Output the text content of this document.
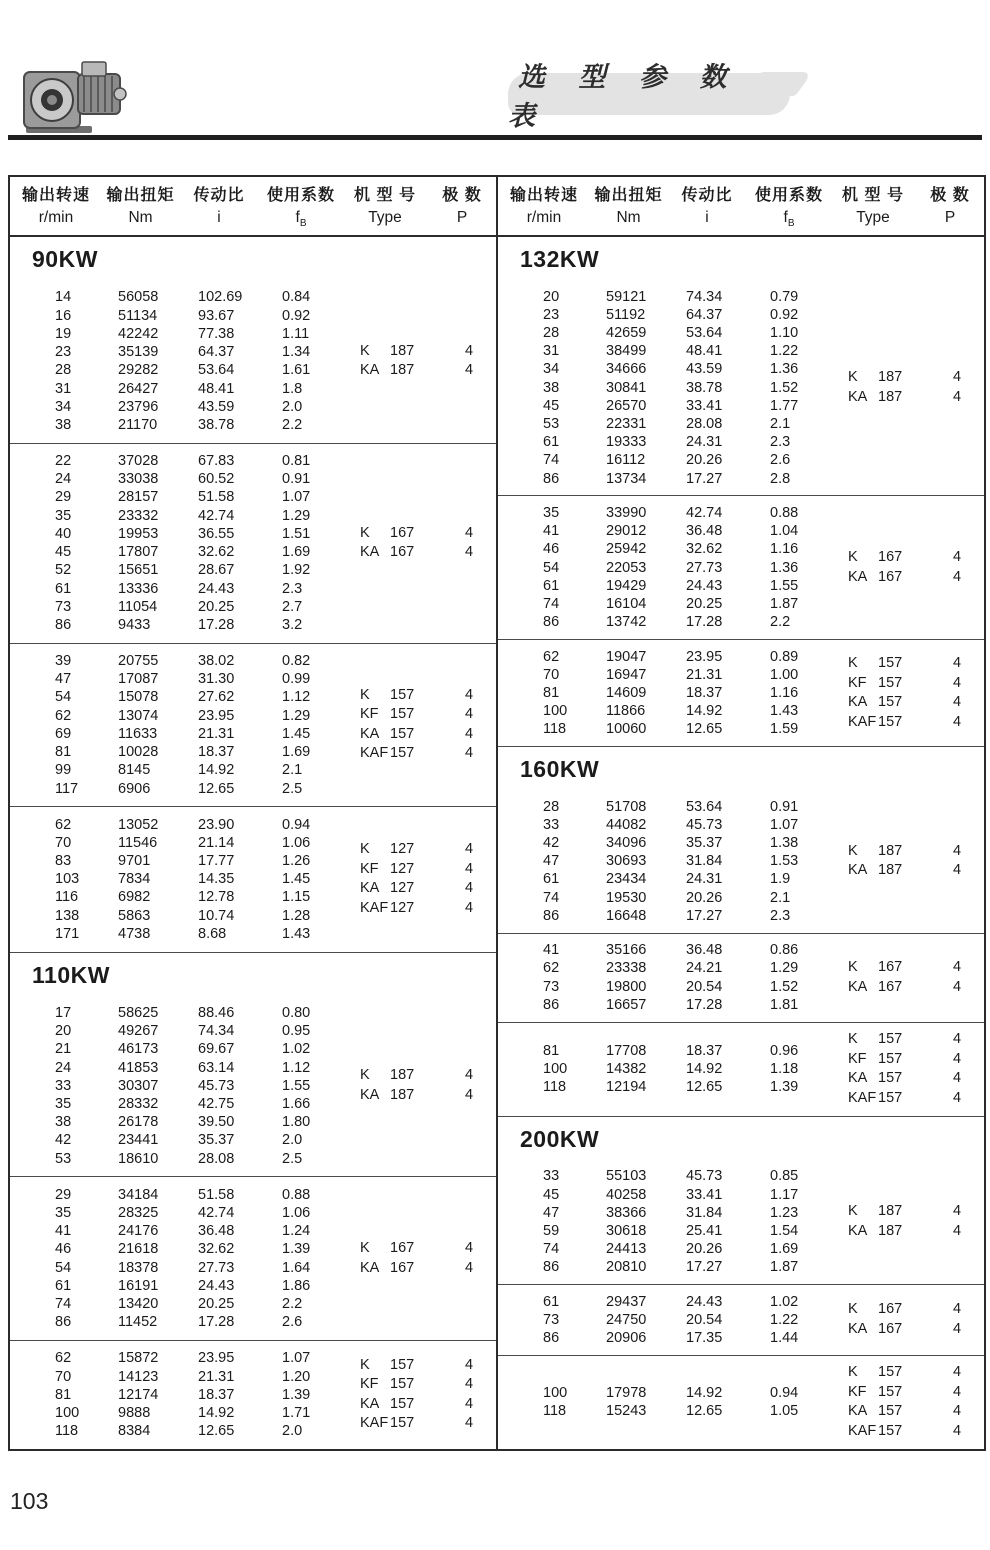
选 型 参 数 表
输出转速	输出扭矩	传动比	使用系数	机 型 号	极 数
r/min	Nm	i	$f_B$	Type	P
90KW
14	56058	102.69	0.84
16	51134	93.67	0.92
19	42242	77.38	1.11
23	35139	64.37	1.34
28	29282	53.64	1.61
31	26427	48.41	1.8
34	23796	43.59	2.0
38	21170	38.78	2.2
K	187	4
KA 187	4
22	37028	67.83	0.81
24	33038	60.52	0.91
29	28157	51.58	1.07
35	23332	42.74	1.29
40	19953	36.55	1.51
45	17807	32.62	1.69
52	15651	28.67	1.92
61	13336	24.43	2.3
73	11054	20.25	2.7
86	9433	17.28	3.2
K	167	4
KA 167	4
39	20755	38.02	0.82
47	17087	31.30	0.99
54	15078	27.62	1.12
62	13074	23.95	1.29
69	11633	21.31	1.45
81	10028	18.37	1.69
99	8145	14.92	2.1
117	6906	12.65	2.5
K	157	4
KF 157	4
KA 157	4
KAF 157	4
62	13052	23.90	0.94
70	11546	21.14	1.06
83	9701	17.77	1.26
103	7834	14.35	1.45
116	6982	12.78	1.15
138	5863	10.74	1.28
171	4738	8.68	1.43
K	127	4
KF 127	4
KA 127	4
KAF 127	4
110KW
17	58625	88.46	0.80
20	49267	74.34	0.95
21	46173	69.67	1.02
24	41853	63.14	1.12
33	30307	45.73	1.55
35	28332	42.75	1.66
38	26178	39.50	1.80
42	23441	35.37	2.0
53	18610	28.08	2.5
K	187	4
KA 187	4
29	34184	51.58	0.88
35	28325	42.74	1.06
41	24176	36.48	1.24
46	21618	32.62	1.39
54	18378	27.73	1.64
61	16191	24.43	1.86
74	13420	20.25	2.2
86	11452	17.28	2.6
K	167	4
KA 167	4
62	15872	23.95	1.07
70	14123	21.31	1.20
81	12174	18.37	1.39
100	9888	14.92	1.71
118	8384	12.65	2.0
K	157	4
KF 157	4
KA 157	4
KAF 157	4
输出转速	输出扭矩	传动比	使用系数	机 型 号	极 数
r/min	Nm	i	$f_B$	Type	P
132KW
20	59121	74.34	0.79
23	51192	64.37	0.92
28	42659	53.64	1.10
31	38499	48.41	1.22
34	34666	43.59	1.36
38	30841	38.78	1.52
45	26570	33.41	1.77
53	22331	28.08	2.1
61	19333	24.31	2.3
74	16112	20.26	2.6
86	13734	17.27	2.8
K	187	4
KA 187	4
35	33990	42.74	0.88
41	29012	36.48	1.04
46	25942	32.62	1.16
54	22053	27.73	1.36
61	19429	24.43	1.55
74	16104	20.25	1.87
86	13742	17.28	2.2
K	167	4
KA 167	4
62	19047	23.95	0.89
70	16947	21.31	1.00
81	14609	18.37	1.16
100	11866	14.92	1.43
118	10060	12.65	1.59
K	157	4
KF 157	4
KA 157	4
KAF 157	4
160KW
28	51708	53.64	0.91
33	44082	45.73	1.07
42	34096	35.37	1.38
47	30693	31.84	1.53
61	23434	24.31	1.9
74	19530	20.26	2.1
86	16648	17.27	2.3
K	187	4
KA 187	4
41	35166	36.48	0.86
62	23338	24.21	1.29
73	19800	20.54	1.52
86	16657	17.28	1.81
K	167	4
KA 167	4
81	17708	18.37	0.96
100	14382	14.92	1.18
118	12194	12.65	1.39
K	157	4
KF 157	4
KA 157	4
KAF 157	4
200KW
33	55103	45.73	0.85
45	40258	33.41	1.17
47	38366	31.84	1.23
59	30618	25.41	1.54
74	24413	20.26	1.69
86	20810	17.27	1.87
K	187	4
KA 187	4
61	29437	24.43	1.02
73	24750	20.54	1.22
86	20906	17.35	1.44
K	167	4
KA 167	4
100	17978	14.92	0.94
118	15243	12.65	1.05
K	157	4
KF 157	4
KA 157	4
KAF 157	4
103
